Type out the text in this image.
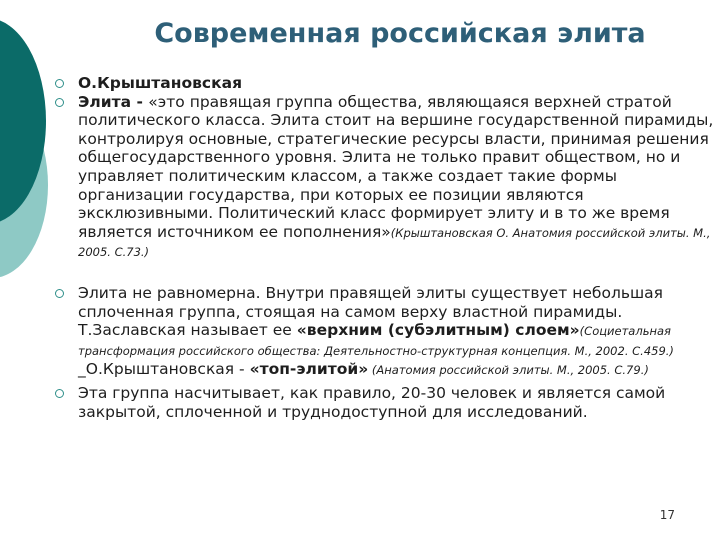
Современная российская элита
О.Крыштановская
Элита - «это правящая группа общества, являющаяся верхней стратой политического класса. Элита стоит на вершине государственной пирамиды, контролируя основные, стратегические ресурсы власти, принимая решения общегосударственного уровня. Элита не только правит обществом, но и управляет политическим классом, а также создает такие формы организации государства, при которых ее позиции являются эксклюзивными. Политический класс формирует элиту и в то же время является источником ее пополнения»(Крыштановская О. Анатомия российской элиты. М., 2005. С.73.)
Элита не равномерна. Внутри правящей элиты существует небольшая сплоченная группа, стоящая на самом верху властной пирамиды. Т.Заславская называет ее «верхним (субэлитным) слоем»(Социетальная трансформация российского общества: Деятельностно-структурная концепция. М., 2002. С.459.) _О.Крыштановская - «топ-элитой» (Анатомия российской элиты. М., 2005. С.79.)
Эта группа насчитывает, как правило, 20-30 человек и является самой закрытой, сплоченной и труднодоступной для исследований.
17
